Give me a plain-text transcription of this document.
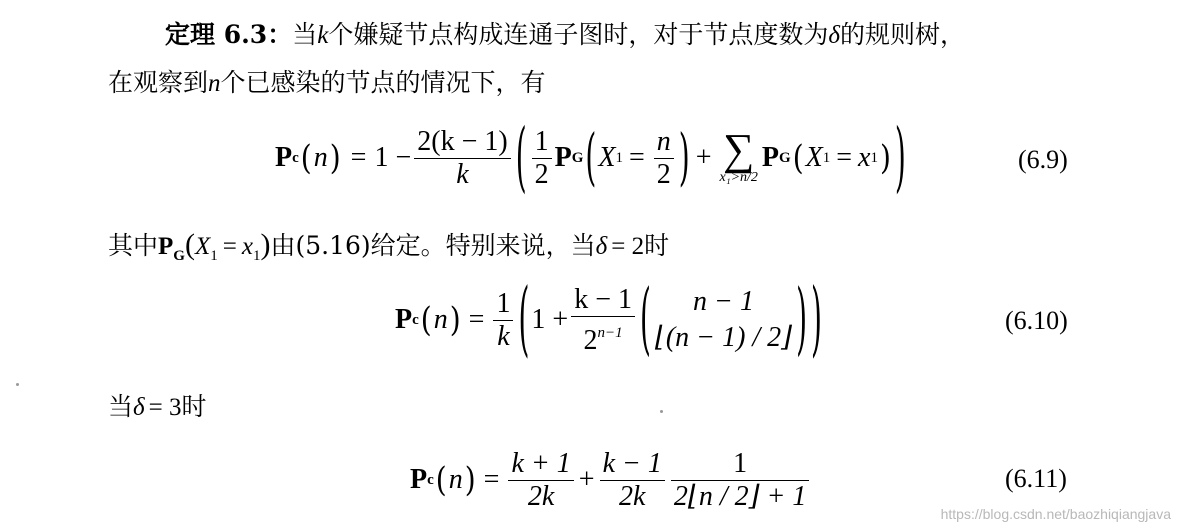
定理 6.3：当k个嫌疑节点构成连通子图时，对于节点度数为δ的规则树，
在观察到n个已感染的节点的情况下，有
P c ( n ) = $1 - \frac{2(k - 1)}{k}$ ( $\frac{1}{2}$ P G ( X $1 = \frac{n}{2}$ ) + ∑
x₁>n/2
P G ( X 1 = x 1 ) )	(6.9)
其中$P_G(X_1 = x_1)$由(5.16)给定。特别来说，当δ = 2时
P c ( n ) = $\frac{1}{k}$ ( $1 + \frac{k - 1}{2^{n-1}}$ ( n − 1
⌊(n − 1) / 2⌋ ) )	(6.10)
当δ = 3时
P c ( n ) = $\frac{k + 1}{2k} + \frac{k - 1}{2k} \frac{1}{2⌊n / 2⌋ + 1}$	(6.11)
https://blog.csdn.net/baozhiqiangjava
